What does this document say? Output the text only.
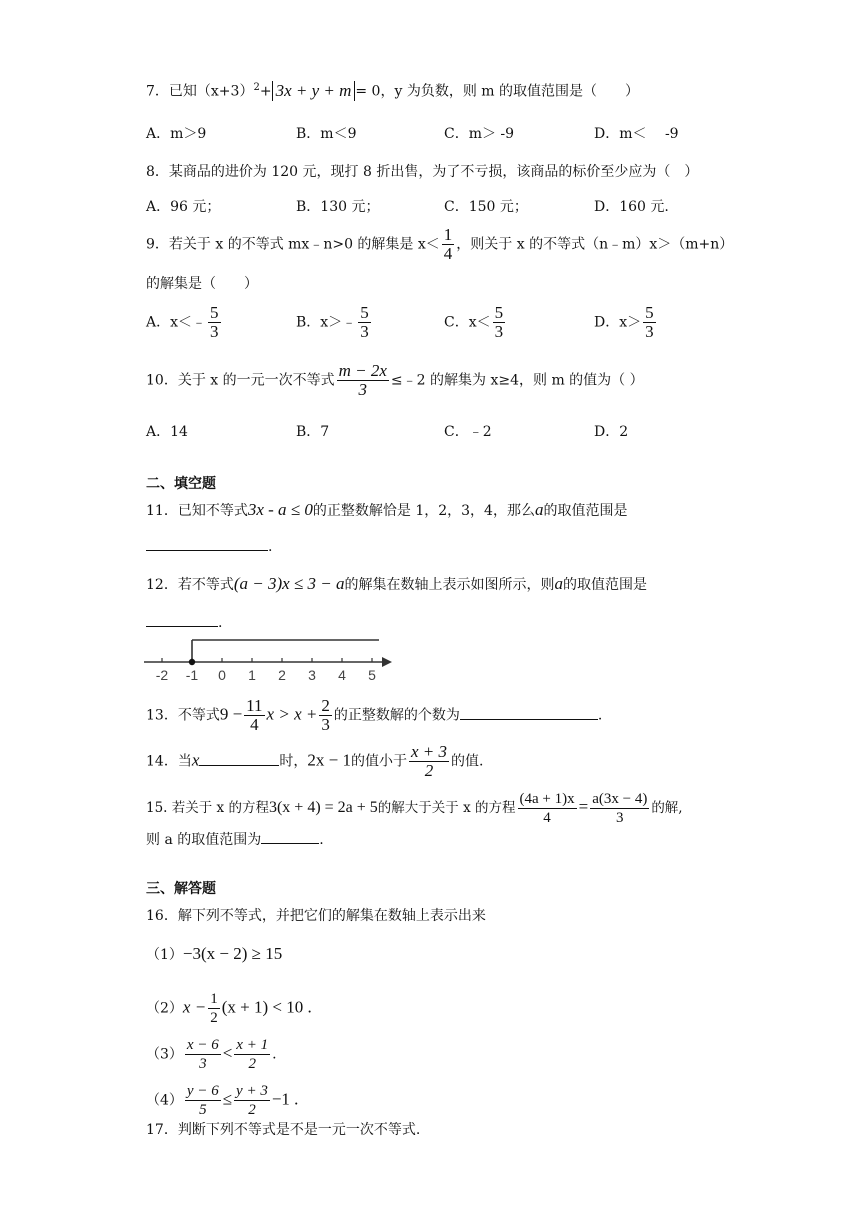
7．已知$(x+3)^2+ 3x + y + m = 0$，y 为负数，则 m 的取值范围是（　　）
A．m＞9	B．m＜9	C．m＞ -9	D．m＜　 -9
8．某商品的进价为 120 元，现打 8 折出售，为了不亏损，该商品的标价至少应为（　）
A．96 元；	B．130 元；	C．150 元；	D．160 元.
9．若关于 x 的不等式 mx﹣n>0 的解集是 $x< \frac{1}{4}$ ，则关于 x 的不等式（n﹣m）x＞（m+n）
的解集是（　　）
A．x＜﹣ $\frac{5}{3}$	B．x＞﹣ $\frac{5}{3}$	C．$x< \frac{5}{3}$	D．$x> \frac{5}{3}$
10．关于 x 的一元一次不等式 $\frac{m - 2x}{3}$ ≤﹣2 的解集为 x≥4，则 m 的值为（ ）
A．14	B．7	C．﹣2	D．2
二、填空题
11．已知不等式3x - a ≤ 0的正整数解恰是 1，2，3，4，那么a的取值范围是
.
12．若不等式(a − 3)x ≤ 3 − a的解集在数轴上表示如图所示，则a的取值范围是
.
-2 -1 0 1 2 3 4 5
13．不等式$9 - \frac{11}{4}$ $x > x + \frac{2}{3}$ 的正整数解的个数为	.
14．当x	时，2x − 1的值小于 $\frac{x + 3}{2}$ 的值.
15. 若关于 x 的方程3(x + 4) = 2a + 5的解大于关于 x 的方程 $\frac{(4a + 1)x}{4} = \frac{a(3x - 4)}{3}$ 的解,
则 a 的取值范围为	.
三、解答题
16．解下列不等式，并把它们的解集在数轴上表示出来
（1）−3(x − 2) ≥ 15
$(2)x - \frac{1}{2} (x + 1) < 10$ .
$(3) \frac{x - 6}{3} < \frac{x + 1}{2}$ .
$(4) \frac{y - 6}{5} \le \frac{y + 3}{2} -1$ .
17．判断下列不等式是不是一元一次不等式.
